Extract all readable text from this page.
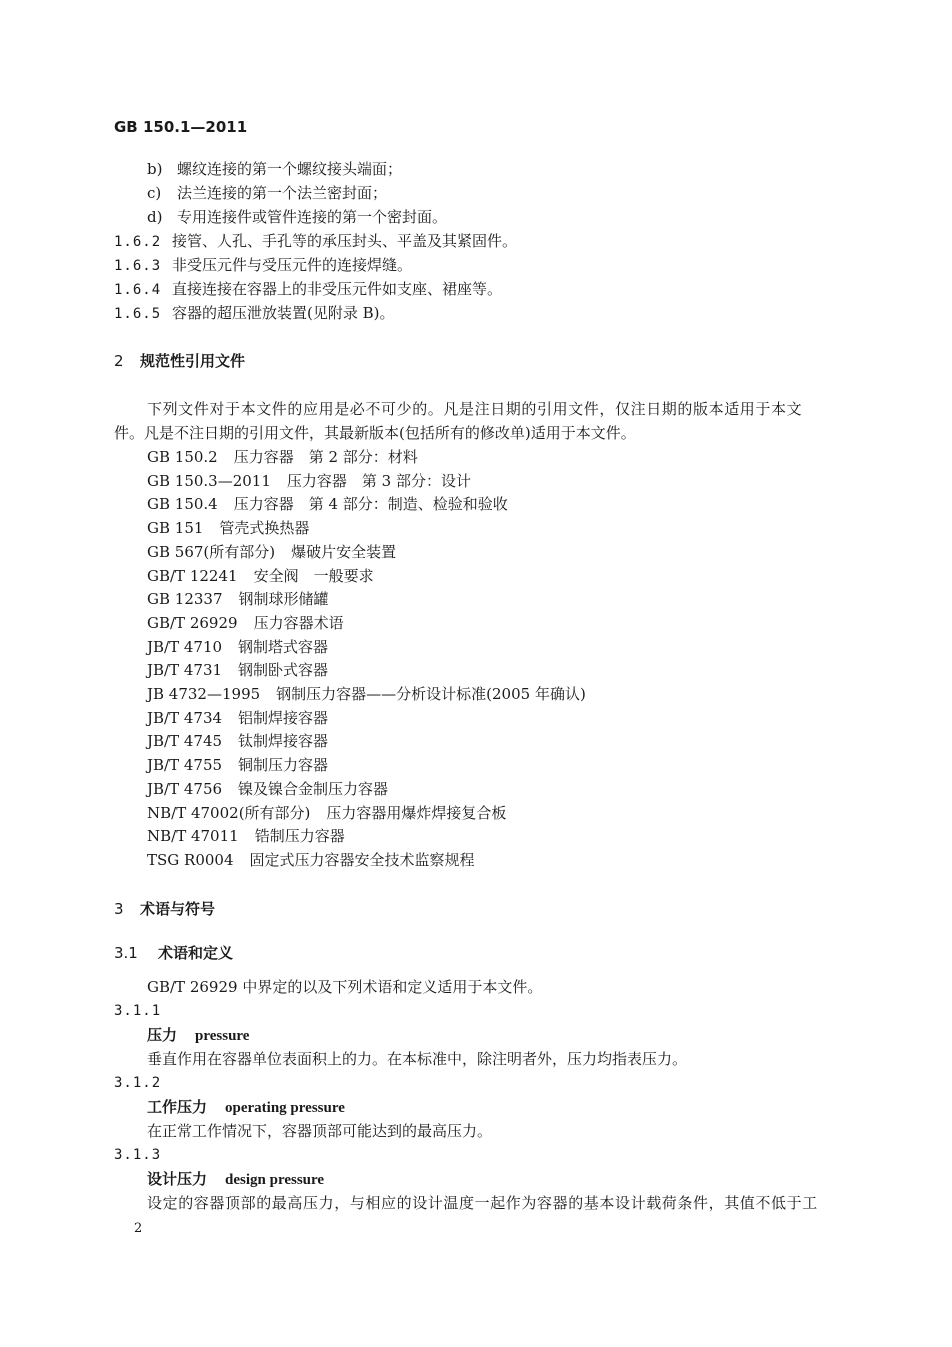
GB 150.1—2011
b) 螺纹连接的第一个螺纹接头端面；
c) 法兰连接的第一个法兰密封面；
d) 专用连接件或管件连接的第一个密封面。
1.6.2 接管、人孔、手孔等的承压封头、平盖及其紧固件。
1.6.3 非受压元件与受压元件的连接焊缝。
1.6.4 直接连接在容器上的非受压元件如支座、裙座等。
1.6.5 容器的超压泄放装置(见附录 B)。
2 规范性引用文件
下列文件对于本文件的应用是必不可少的。凡是注日期的引用文件，仅注日期的版本适用于本文
件。凡是不注日期的引用文件，其最新版本(包括所有的修改单)适用于本文件。
GB 150.2 压力容器　第 2 部分：材料
GB 150.3—2011 压力容器　第 3 部分：设计
GB 150.4 压力容器　第 4 部分：制造、检验和验收
GB 151 管壳式换热器
GB 567(所有部分) 爆破片安全装置
GB/T 12241 安全阀　一般要求
GB 12337 钢制球形储罐
GB/T 26929 压力容器术语
JB/T 4710 钢制塔式容器
JB/T 4731 钢制卧式容器
JB 4732—1995 钢制压力容器——分析设计标准(2005 年确认)
JB/T 4734 铝制焊接容器
JB/T 4745 钛制焊接容器
JB/T 4755 铜制压力容器
JB/T 4756 镍及镍合金制压力容器
NB/T 47002(所有部分) 压力容器用爆炸焊接复合板
NB/T 47011 锆制压力容器
TSG R0004 固定式压力容器安全技术监察规程
3 术语与符号
3.1 术语和定义
GB/T 26929 中界定的以及下列术语和定义适用于本文件。
3.1.1
压力 pressure
垂直作用在容器单位表面积上的力。在本标准中，除注明者外，压力均指表压力。
3.1.2
工作压力 operating pressure
在正常工作情况下，容器顶部可能达到的最高压力。
3.1.3
设计压力 design pressure
设定的容器顶部的最高压力，与相应的设计温度一起作为容器的基本设计载荷条件，其值不低于工
2
